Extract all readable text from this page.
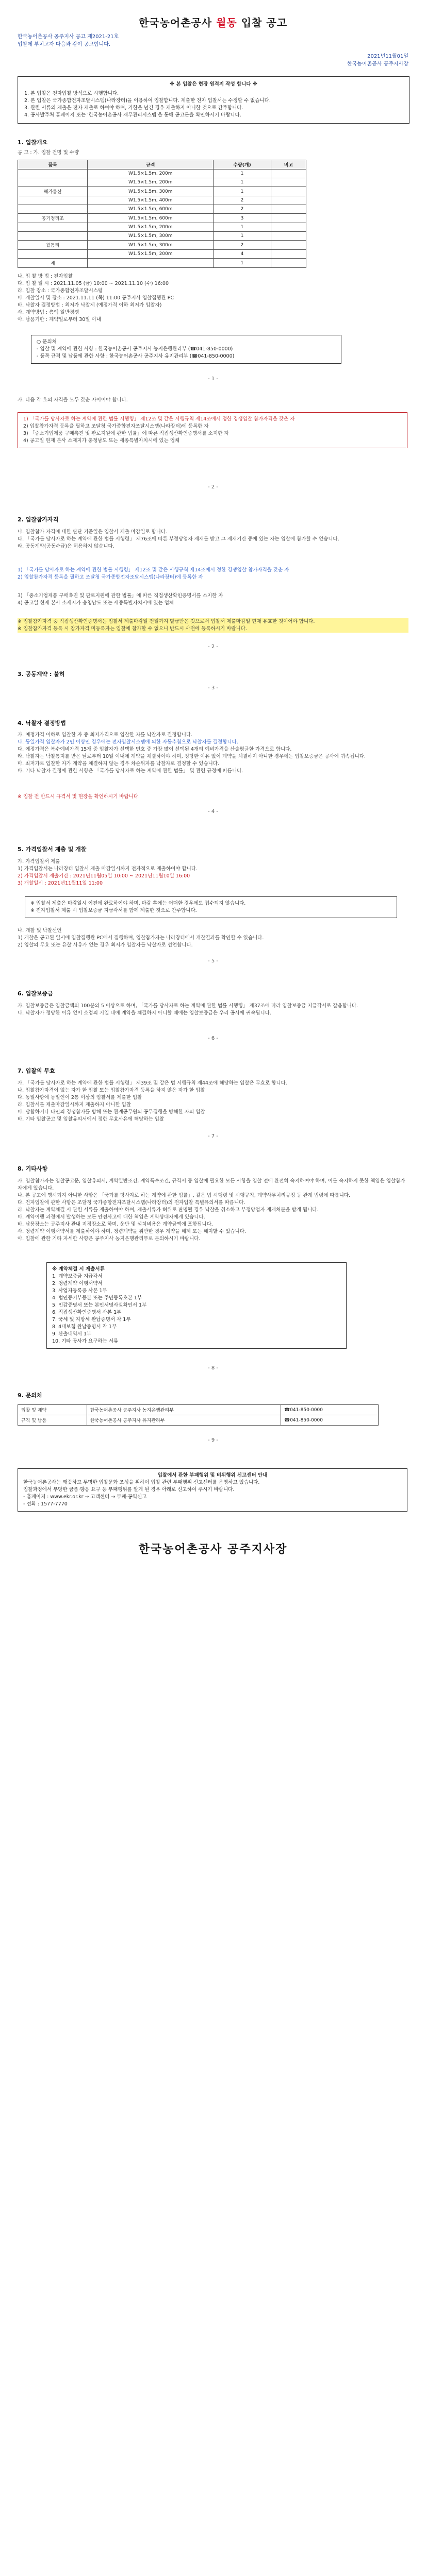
한국농어촌공사 월동 입찰 공고
한국농어촌공사 공주지사 공고 제2021-21호
입찰에 부치고자 다음과 같이 공고합니다.
2021년11월01일
한국농어촌공사 공주지사장
※ 본 입찰은 현장 원격지 작성 합니다 ※
1. 본 입찰은 전자입찰 방식으로 시행합니다.
2. 본 입찰은 국가종합전자조달시스템(나라장터)을 이용하여 입찰합니다. 제출한 전자 입찰서는 수정할 수 없습니다.
3. 관련 서류의 제출은 전자 제출로 하여야 하며, 기한을 넘긴 경우 제출하지 아니한 것으로 간주합니다.
4. 공사발주처 홈페이지 또는 '한국농어촌공사 재무관리시스템'을 통해 공고문을 확인하시기 바랍니다.
1. 입찰개요
공 고 : 가. 입찰 건명 및 수량
품목	규격	수량(개)	비고
	W1.5×1.5m, 200m	1	
	W1.5×1.5m, 200m	1	
해가름산	W1.5×1.5m, 300m	1	
	W1.5×1.5m, 400m	2	
	W1.5×1.5m, 600m	2	
공기정리조	W1.5×1.5m, 600m	3	
	W1.5×1.5m, 200m	1	
	W1.5×1.5m, 300m	1	
월동리	W1.5×1.5m, 300m	2	
	W1.5×1.5m, 200m	4	
계		1	
나. 입 찰 방 법 : 전자입찰
다. 입 찰 일 시 : 2021.11.05 (금) 10:00 ~ 2021.11.10 (수) 16:00
라. 입찰 장소 : 국가종합전자조달시스템
마. 개찰일시 및 장소 : 2021.11.11 (목) 11:00 공주지사 입찰집행관 PC
바. 낙찰자 결정방법 : 최저가 낙찰제 (예정가격 이하 최저가 입찰자)
사. 계약방법 : 총액 일반경쟁
아. 납품기한 : 계약일로부터 30일 이내
○ 문의처
- 입찰 및 계약에 관한 사항 : 한국농어촌공사 공주지사 농지은행관리부 (☎041-850-0000)
- 품목 규격 및 납품에 관한 사항 : 한국농어촌공사 공주지사 유지관리부 (☎041-850-0000)
- 1 -
가. 다음 각 호의 자격을 모두 갖춘 자이어야 합니다.
1) 「국가를 당사자로 하는 계약에 관한 법률 시행령」 제12조 및 같은 시행규칙 제14조에서 정한 경쟁입찰 참가자격을 갖춘 자
2) 입찰참가자격 등록을 필하고 조달청 국가종합전자조달시스템(나라장터)에 등록한 자
3) 「중소기업제품 구매촉진 및 판로지원에 관한 법률」에 따른 직접생산확인증명서를 소지한 자
4) 공고일 현재 본사 소재지가 충청남도 또는 세종특별자치시에 있는 업체
- 2 -
2. 입찰참가자격
나. 입찰참가 자격에 대한 판단 기준일은 입찰서 제출 마감일로 합니다.
다. 「국가를 당사자로 하는 계약에 관한 법률 시행령」 제76조에 따른 부정당업자 제재를 받고 그 제재기간 중에 있는 자는 입찰에 참가할 수 없습니다.
라. 공동계약(공동수급)은 허용하지 않습니다.
1) 「국가를 당사자로 하는 계약에 관한 법률 시행령」 제12조 및 같은 시행규칙 제14조에서 정한 경쟁입찰 참가자격을 갖춘 자
2) 입찰참가자격 등록을 필하고 조달청 국가종합전자조달시스템(나라장터)에 등록한 자
3) 「중소기업제품 구매촉진 및 판로지원에 관한 법률」에 따른 직접생산확인증명서를 소지한 자
4) 공고일 현재 본사 소재지가 충청남도 또는 세종특별자치시에 있는 업체
※ 입찰참가자격 중 직접생산확인증명서는 입찰서 제출마감일 전일까지 발급받은 것으로서 입찰서 제출마감일 현재 유효한 것이어야 합니다.
※ 입찰참가자격 등록 시 참가자격 미등록자는 입찰에 참가할 수 없으니 반드시 사전에 등록하시기 바랍니다.
- 2 -
3. 공동계약 : 불허
- 3 -
4. 낙찰자 결정방법
가. 예정가격 이하로 입찰한 자 중 최저가격으로 입찰한 자를 낙찰자로 결정합니다.
나. 동일가격 입찰자가 2인 이상인 경우에는 전자입찰시스템에 의한 자동추첨으로 낙찰자를 결정합니다.
다. 예정가격은 복수예비가격 15개 중 입찰자가 선택한 번호 중 가장 많이 선택된 4개의 예비가격을 산술평균한 가격으로 합니다.
라. 낙찰자는 낙찰통지를 받은 날로부터 10일 이내에 계약을 체결하여야 하며, 정당한 이유 없이 계약을 체결하지 아니한 경우에는 입찰보증금은 공사에 귀속됩니다.
마. 최저가로 입찰한 자가 계약을 체결하지 않는 경우 차순위자를 낙찰자로 결정할 수 있습니다.
바. 기타 낙찰자 결정에 관한 사항은 「국가를 당사자로 하는 계약에 관한 법률」 및 관련 규정에 따릅니다.
※ 입찰 전 반드시 규격서 및 현장을 확인하시기 바랍니다.
- 4 -
5. 가격입찰서 제출 및 개찰
가. 가격입찰서 제출
1) 가격입찰서는 나라장터 입찰서 제출 마감일시까지 전자적으로 제출하여야 합니다.
2) 가격입찰서 제출기간 : 2021년11월05일 10:00 ~ 2021년11월10일 16:00
3) 개찰일시 : 2021년11월11일 11:00
※ 입찰서 제출은 마감일시 이전에 완료하여야 하며, 마감 후에는 어떠한 경우에도 접수되지 않습니다.
※ 전자입찰서 제출 시 입찰보증금 지급각서를 함께 제출한 것으로 간주합니다.
나. 개찰 및 낙찰선언
1) 개찰은 공고된 일시에 입찰집행관 PC에서 집행하며, 입찰참가자는 나라장터에서 개찰결과를 확인할 수 있습니다.
2) 입찰의 무효 또는 유찰 사유가 없는 경우 최저가 입찰자를 낙찰자로 선언합니다.
- 5 -
6. 입찰보증금
가. 입찰보증금은 입찰금액의 100분의 5 이상으로 하며, 「국가를 당사자로 하는 계약에 관한 법률 시행령」 제37조에 따라 입찰보증금 지급각서로 갈음합니다.
나. 낙찰자가 정당한 이유 없이 소정의 기일 내에 계약을 체결하지 아니할 때에는 입찰보증금은 우리 공사에 귀속됩니다.
- 6 -
7. 입찰의 무효
가. 「국가를 당사자로 하는 계약에 관한 법률 시행령」 제39조 및 같은 법 시행규칙 제44조에 해당하는 입찰은 무효로 합니다.
나. 입찰참가자격이 없는 자가 한 입찰 또는 입찰참가자격 등록을 하지 않은 자가 한 입찰
다. 동일사항에 동일인이 2통 이상의 입찰서를 제출한 입찰
라. 입찰서를 제출마감일시까지 제출하지 아니한 입찰
마. 담합하거나 타인의 경쟁참가를 방해 또는 관계공무원의 공무집행을 방해한 자의 입찰
바. 기타 입찰공고 및 입찰유의서에서 정한 무효사유에 해당하는 입찰
- 7 -
8. 기타사항
가. 입찰참가자는 입찰공고문, 입찰유의서, 계약일반조건, 계약특수조건, 규격서 등 입찰에 필요한 모든 사항을 입찰 전에 완전히 숙지하여야 하며, 이를 숙지하지 못한 책임은 입찰참가자에게 있습니다.
나. 본 공고에 명시되지 아니한 사항은 「국가를 당사자로 하는 계약에 관한 법률」, 같은 법 시행령 및 시행규칙, 계약사무처리규정 등 관계 법령에 따릅니다.
다. 전자입찰에 관한 사항은 조달청 국가종합전자조달시스템(나라장터)의 전자입찰 특별유의서를 따릅니다.
라. 낙찰자는 계약체결 시 관련 서류를 제출하여야 하며, 제출서류가 허위로 판명될 경우 낙찰을 취소하고 부정당업자 제재처분을 받게 됩니다.
마. 계약이행 과정에서 발생하는 모든 안전사고에 대한 책임은 계약상대자에게 있습니다.
바. 납품장소는 공주지사 관내 지정장소로 하며, 운반 및 설치비용은 계약금액에 포함됩니다.
사. 청렴계약 이행서약서를 제출하여야 하며, 청렴계약을 위반한 경우 계약을 해제 또는 해지할 수 있습니다.
아. 입찰에 관한 기타 자세한 사항은 공주지사 농지은행관리부로 문의하시기 바랍니다.
※ 계약체결 시 제출서류
1. 계약보증금 지급각서
2. 청렴계약 이행서약서
3. 사업자등록증 사본 1부
4. 법인등기부등본 또는 주민등록초본 1부
5. 인감증명서 또는 본인서명사실확인서 1부
6. 직접생산확인증명서 사본 1부
7. 국세 및 지방세 완납증명서 각 1부
8. 4대보험 완납증명서 각 1부
9. 산출내역서 1부
10. 기타 공사가 요구하는 서류
- 8 -
9. 문의처
입찰 및 계약	한국농어촌공사 공주지사 농지은행관리부	☎041-850-0000
규격 및 납품	한국농어촌공사 공주지사 유지관리부	☎041-850-0000
- 9 -
입찰에서 관한 부패행위 및 비위행위 신고센터 안내
한국농어촌공사는 깨끗하고 투명한 입찰문화 조성을 위하여 입찰 관련 부패행위 신고센터를 운영하고 있습니다.
입찰과정에서 부당한 금품·향응 요구 등 부패행위를 알게 된 경우 아래로 신고하여 주시기 바랍니다.
- 홈페이지 : www.ekr.or.kr → 고객센터 → 부패·공익신고
- 전화 : 1577-7770
한국농어촌공사 공주지사장
